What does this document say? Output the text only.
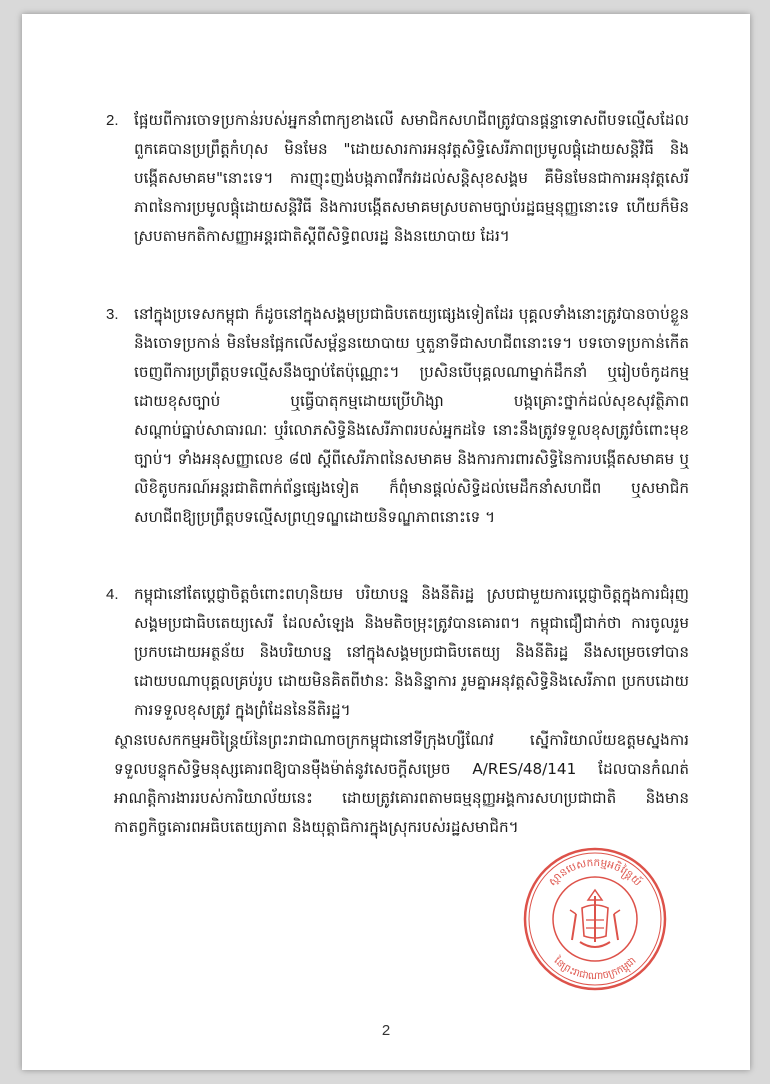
2. ផ្អែយពីការចោទប្រកាន់របស់អ្នកនាំពាក្យខាងលើ សមាជិកសហជីពត្រូវបានផ្តន្ទាទោសពីបទល្មើសដែលពួកគេបានប្រព្រឹត្តកំហុស មិនមែន "ដោយសារការអនុវត្តសិទ្ធិសេរីភាពប្រមូលផ្តុំដោយសន្តិវិធី និងបង្កើតសមាគម"នោះទេ។ ការញុះញង់បង្កភាពវឹកវរដល់សន្តិសុខសង្គម គឺមិនមែនជាការអនុវត្តសេរីភាពនៃការប្រមូលផ្តុំដោយសន្តិវិធី និងការបង្កើតសមាគមស្របតាមច្បាប់រដ្ឋធម្មនុញ្ញនោះទេ ហើយក៏មិនស្របតាមកតិកាសញ្ញាអន្តរជាតិស្តីពីសិទ្ធិពលរដ្ឋ និងនយោបាយ ដែរ។
3. នៅក្នុងប្រទេសកម្ពុជា ក៏ដូចនៅក្នុងសង្គមប្រជាធិបតេយ្យផ្សេងទៀតដែរ បុគ្គលទាំងនោះត្រូវបានចាប់ខ្លួន និងចោទប្រកាន់ មិនមែនផ្អែកលើសម្ព័ន្ធនយោបាយ ឬតួនាទីជាសហជីពនោះទេ។ បទចោទប្រកាន់កើតចេញពីការប្រព្រឹត្តបទល្មើសនឹងច្បាប់តែប៉ុណ្ណោះ។ ប្រសិនបើបុគ្គលណាម្នាក់ដឹកនាំ ឬរៀបចំកូដកម្មដោយខុសច្បាប់ ឬធ្វើបាតុកម្មដោយប្រើហិង្សា បង្កគ្រោះថ្នាក់ដល់សុខសុវត្ថិភាព សណ្តាប់ធ្នាប់សាធារណៈ ឬរំលោភសិទ្ធិនិងសេរីភាពរបស់អ្នកដទៃ នោះនឹងត្រូវទទួលខុសត្រូវចំពោះមុខច្បាប់។ ទាំងអនុសញ្ញាលេខ ៨៧ ស្តីពីសេរីភាពនៃសមាគម និងការការពារសិទ្ធិនៃការបង្កើតសមាគម ឬលិខិតូបករណ៍អន្តរជាតិពាក់ព័ន្ធផ្សេងទៀត ក៏ពុំមានផ្តល់សិទ្ធិដល់មេដឹកនាំសហជីព ឬសមាជិកសហជីពឱ្យប្រព្រឹត្តបទល្មើសព្រហ្មទណ្ឌដោយនិទណ្ឌភាពនោះទេ ។
4. កម្ពុជានៅតែប្តេជ្ញាចិត្តចំពោះពហុនិយម បរិយាបន្ន និងនីតិរដ្ឋ ស្របជាមួយការប្តេជ្ញាចិត្តក្នុងការជំរុញសង្គមប្រជាធិបតេយ្យសេរី ដែលសំឡេង និងមតិចម្រុះត្រូវបានគោរព។ កម្ពុជាជឿជាក់ថា ការចូលរួមប្រកបដោយអត្ថន័យ និងបរិយាបន្ន នៅក្នុងសង្គមប្រជាធិបតេយ្យ និងនីតិរដ្ឋ នឹងសម្រេចទៅបានដោយបណាបុគ្គលគ្រប់រូប ដោយមិនគិតពីឋានៈ និងនិន្នាការ រួមគ្នាអនុវត្តសិទ្ធិនិងសេរីភាព ប្រកបដោយការទទួលខុសត្រូវ ក្នុងព្រំដែននៃនីតិរដ្ឋ។
ស្ថានបេសកកម្មអចិន្ត្រៃយ៍នៃព្រះរាជាណាចក្រកម្ពុជានៅទីក្រុងហ្សឺណែវ ស្នើការិយាល័យឧត្តមស្នងការទទួលបន្ទុកសិទ្ធិមនុស្សគោរពឱ្យបានម៉ឺងម៉ាត់នូវសេចក្តីសម្រេច A/RES/48/141 ដែលបានកំណត់អាណត្តិការងាររបស់ការិយាល័យនេះ ដោយត្រូវគោរពតាមធម្មនុញ្ញអង្គការសហប្រជាជាតិ និងមានកាតព្វកិច្ចគោរពអធិបតេយ្យភាព និងយុត្តាធិការក្នុងស្រុករបស់រដ្ឋសមាជិក។
ស្ថានបេសកកម្មអចិន្ត្រៃយ៍
នៃព្រះរាជាណាចក្រកម្ពុជា
2
